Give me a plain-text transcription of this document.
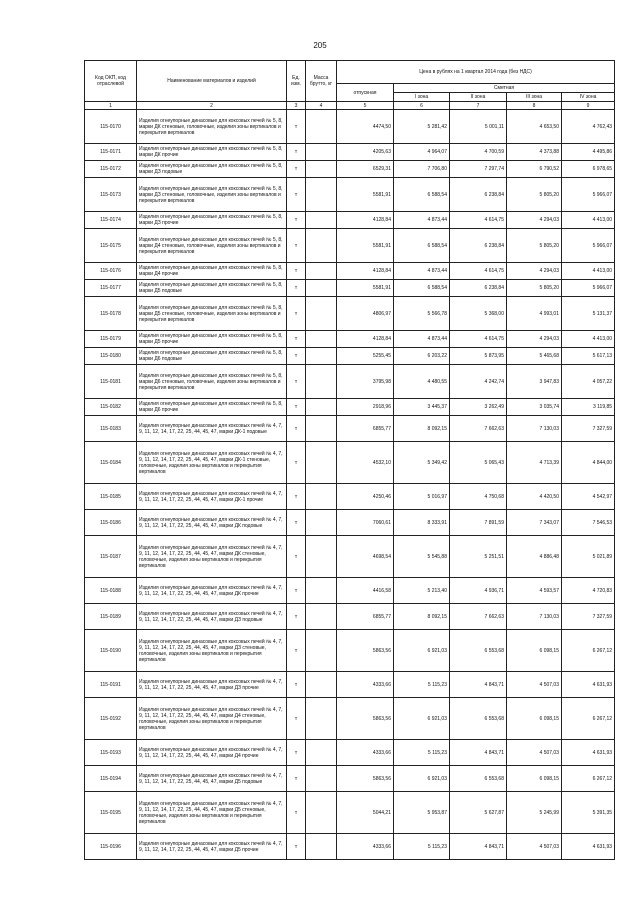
205
Код ОКП, код отраслевой	Наименование материалов и изделий	Ед. изм.	Масса брутто, кг	Цена в рублях на 1 квартал 2014 года (без НДС)				
				отпускная	Сметная			
					I зона	II зона	III зона	IV зона
1	2	3	4	5	6	7	8	9
115-0170	Изделия огнеупорные динасовые для коксовых печей № 5, 8, марки ДК стеновые, головочные, изделия зоны вертикалов и перекрытия вертикалов	т		4474,50	5 281,42	5 001,11	4 653,50	4 762,43
115-0171	Изделия огнеупорные динасовые для коксовых печей № 5, 8, марки ДК прочие	т		4205,63	4 964,07	4 700,59	4 373,88	4 495,86
115-0172	Изделия огнеупорные динасовые для коксовых печей № 5, 8, марки ДЗ подовые	т		6529,31	7 706,80	7 297,74	6 790,52	6 978,65
115-0173	Изделия огнеупорные динасовые для коксовых печей № 5, 8, марки ДЗ стеновые, головочные, изделия зоны вертикалов и перекрытия вертикалов	т		5581,91	6 588,54	6 238,84	5 805,20	5 966,07
115-0174	Изделия огнеупорные динасовые для коксовых печей № 5, 8, марки ДЗ прочие	т		4128,84	4 873,44	4 614,75	4 294,03	4 413,00
115-0175	Изделия огнеупорные динасовые для коксовых печей № 5, 8, марки Д4 стеновые, головочные, изделия зоны вертикалов и перекрытия вертикалов	т		5581,91	6 588,54	6 238,84	5 805,20	5 966,07
115-0176	Изделия огнеупорные динасовые для коксовых печей № 5, 8, марки Д4 прочие	т		4128,84	4 873,44	4 614,75	4 294,03	4 413,00
115-0177	Изделия огнеупорные динасовые для коксовых печей № 5, 8, марки Д5 подовые	т		5581,91	6 588,54	6 238,84	5 805,20	5 966,07
115-0178	Изделия огнеупорные динасовые для коксовых печей № 5, 8, марки Д5 стеновые, головочные, изделия зоны вертикалов и перекрытия вертикалов	т		4806,97	5 566,78	5 368,00	4 993,01	5 131,37
115-0179	Изделия огнеупорные динасовые для коксовых печей № 5, 8, марки Д5 прочие	т		4128,84	4 873,44	4 614,75	4 294,03	4 413,00
115-0180	Изделия огнеупорные динасовые для коксовых печей № 5, 8, марки Д6 подовые	т		5255,45	6 203,22	5 873,95	5 465,68	5 617,13
115-0181	Изделия огнеупорные динасовые для коксовых печей № 5, 8, марки Д6 стеновые, головочные, изделия зоны вертикалов и перекрытия вертикалов	т		3795,98	4 480,55	4 242,74	3 947,83	4 057,22
115-0182	Изделия огнеупорные динасовые для коксовых печей № 5, 8, марки Д6 прочие	т		2918,96	3 445,37	3 262,49	3 035,74	3 119,85
115-0183	Изделия огнеупорные динасовые для коксовых печей № 4, 7, 9, 11, 12, 14, 17, 22, 25, 44, 45, 47, марки ДК-1 подовые	т		6855,77	8 092,15	7 662,63	7 130,03	7 327,59
115-0184	Изделия огнеупорные динасовые для коксовых печей № 4, 7, 9, 11, 12, 14, 17, 22, 25, 44, 45, 47, марки ДК-1 стеновые, головочные, изделия зоны вертикалов и перекрытия вертикалов	т		4532,10	5 349,42	5 065,43	4 713,39	4 844,00
115-0185	Изделия огнеупорные динасовые для коксовых печей № 4, 7, 9, 11, 12, 14, 17, 22, 25, 44, 45, 47, марки ДК-1 прочие	т		4250,46	5 016,97	4 750,68	4 420,50	4 542,97
115-0186	Изделия огнеупорные динасовые для коксовых печей № 4, 7, 9, 11, 12, 14, 17, 22, 25, 44, 45, 47, марки ДК подовые	т		7060,61	8 333,91	7 891,59	7 343,07	7 546,53
115-0187	Изделия огнеупорные динасовые для коксовых печей № 4, 7, 9, 11, 12, 14, 17, 22, 25, 44, 45, 47, марки ДК стеновые, головочные, изделия зоны вертикалов и перекрытия вертикалов	т		4698,54	5 545,88	5 251,51	4 886,48	5 021,89
115-0188	Изделия огнеупорные динасовые для коксовых печей № 4, 7, 9, 11, 12, 14, 17, 22, 25, 44, 45, 47, марки ДК прочие	т		4416,58	5 213,40	4 936,71	4 593,57	4 720,83
115-0189	Изделия огнеупорные динасовые для коксовых печей № 4, 7, 9, 11, 12, 14, 17, 22, 25, 44, 45, 47, марки ДЗ подовые	т		6855,77	8 092,15	7 662,63	7 130,03	7 327,59
115-0190	Изделия огнеупорные динасовые для коксовых печей № 4, 7, 9, 11, 12, 14, 17, 22, 25, 44, 45, 47, марки ДЗ стеновые, головочные, изделия зоны вертикалов и перекрытия вертикалов	т		5863,56	6 921,03	6 553,68	6 098,15	6 267,12
115-0191	Изделия огнеупорные динасовые для коксовых печей № 4, 7, 9, 11, 12, 14, 17, 22, 25, 44, 45, 47, марки ДЗ прочие	т		4333,66	5 115,23	4 843,71	4 507,03	4 631,93
115-0192	Изделия огнеупорные динасовые для коксовых печей № 4, 7, 9, 11, 12, 14, 17, 22, 25, 44, 45, 47, марки Д4 стеновые, головочные, изделия зоны вертикалов и перекрытия вертикалов	т		5863,56	6 921,03	6 553,68	6 098,15	6 267,12
115-0193	Изделия огнеупорные динасовые для коксовых печей № 4, 7, 9, 11, 12, 14, 17, 22, 25, 44, 45, 47, марки Д4 прочие	т		4333,66	5 115,23	4 843,71	4 507,03	4 631,93
115-0194	Изделия огнеупорные динасовые для коксовых печей № 4, 7, 9, 11, 12, 14, 17, 22, 25, 44, 45, 47, марки Д5 подовые	т		5863,56	6 921,03	6 553,68	6 098,15	6 267,12
115-0195	Изделия огнеупорные динасовые для коксовых печей № 4, 7, 9, 11, 12, 14, 17, 22, 25, 44, 45, 47, марки Д5 стеновые, головочные, изделия зоны вертикалов и перекрытия вертикалов	т		5044,21	5 953,87	5 627,87	5 245,99	5 391,35
115-0196	Изделия огнеупорные динасовые для коксовых печей № 4, 7, 9, 11, 12, 14, 17, 22, 25, 44, 45, 47, марки Д5 прочие	т		4333,66	5 115,23	4 843,71	4 507,03	4 631,93
